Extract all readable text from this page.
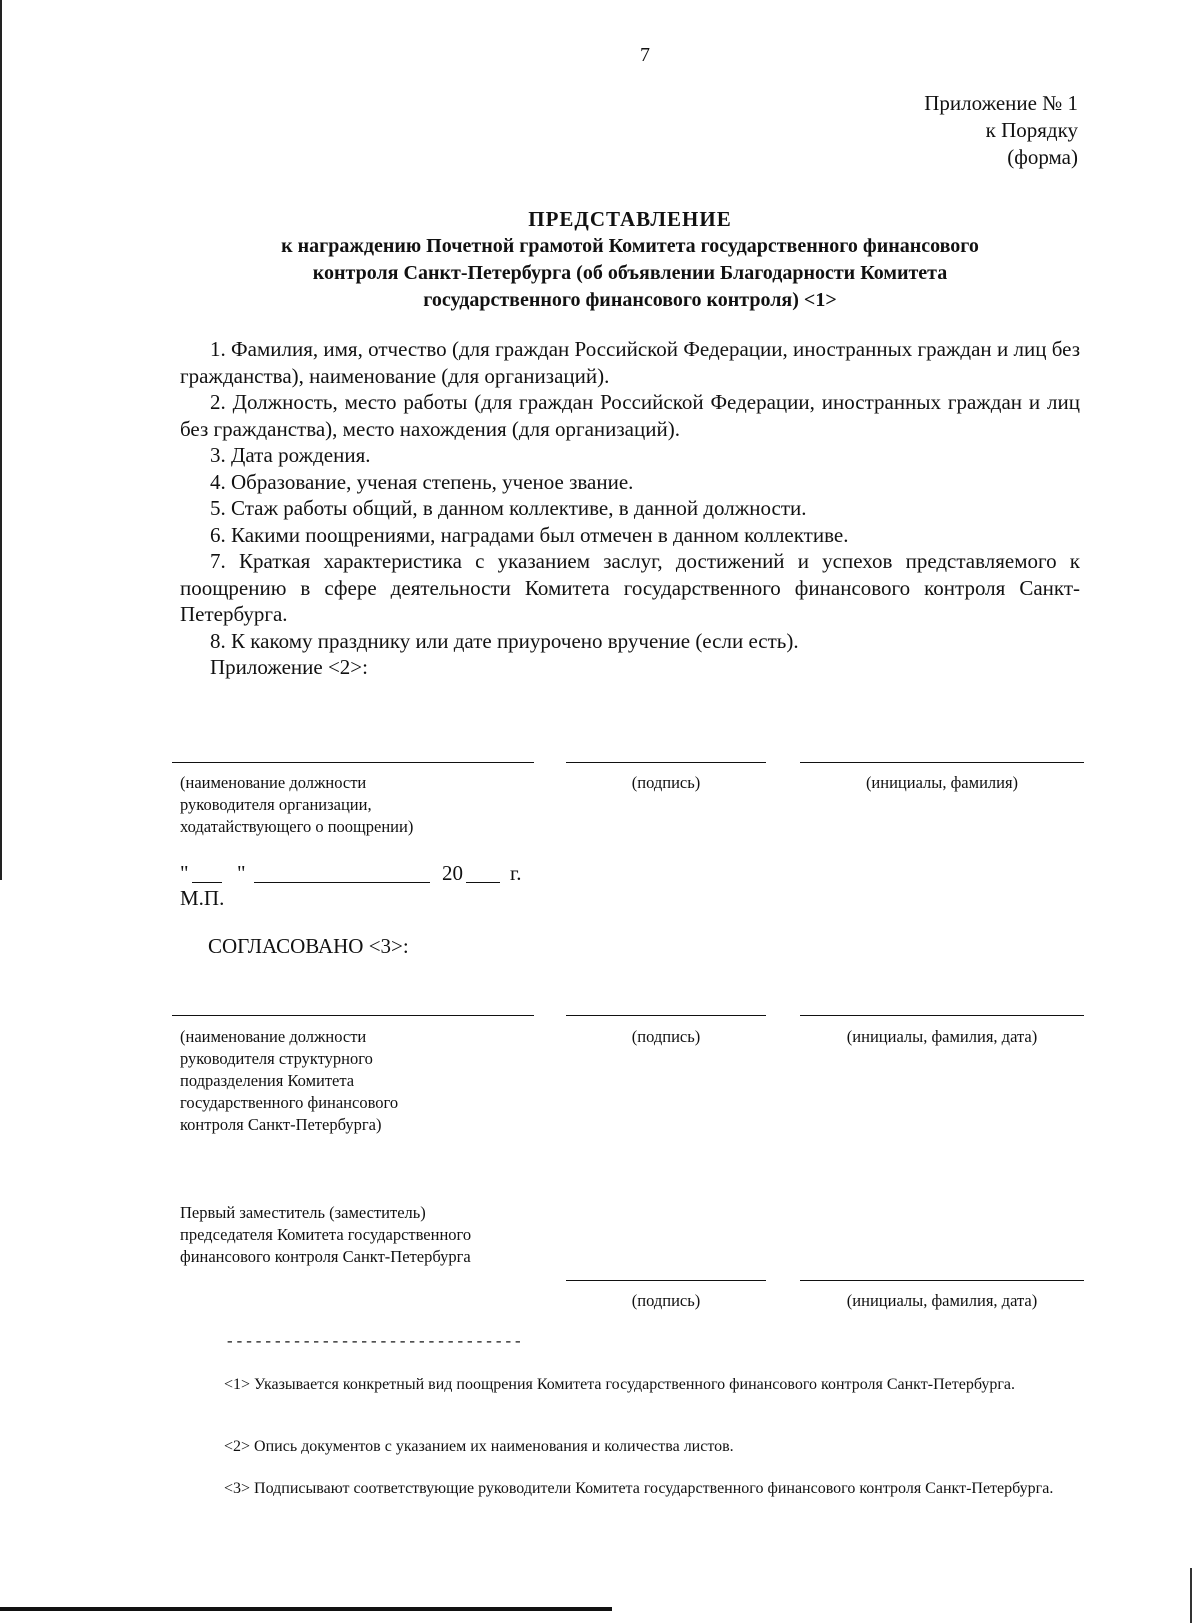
7
Приложение № 1
к Порядку
(форма)
ПРЕДСТАВЛЕНИЕ
к награждению Почетной грамотой Комитета государственного финансового
контроля Санкт-Петербурга (об объявлении Благодарности Комитета
государственного финансового контроля) <1>

1. Фамилия, имя, отчество (для граждан Российской Федерации, иностранных граждан и лиц без гражданства), наименование (для организаций).

2. Должность, место работы (для граждан Российской Федерации, иностранных граждан и лиц без гражданства), место нахождения (для организаций).

3. Дата рождения.

4. Образование, ученая степень, ученое звание.

5. Стаж работы общий, в данном коллективе, в данной должности.

6. Какими поощрениями, наградами был отмечен в данном коллективе.

7. Краткая характеристика с указанием заслуг, достижений и успехов представляемого к поощрению в сфере деятельности Комитета государственного финансового контроля Санкт-Петербурга.

8. К какому празднику или дате приурочено вручение (если есть).

Приложение <2>:

(наименование должности
руководителя организации,
ходатайствующего о поощрении)
(подпись)	(инициалы, фамилия)
" "	20 г.
М.П.
СОГЛАСОВАНО <3>:
(наименование должности
руководителя структурного
подразделения Комитета
государственного финансового
контроля Санкт-Петербурга)
(подпись)	(инициалы, фамилия, дата)
Первый заместитель (заместитель)
председателя Комитета государственного
финансового контроля Санкт-Петербурга
(подпись)	(инициалы, фамилия, дата)
-------------------------------

<1> Указывается конкретный вид поощрения Комитета государственного финансового контроля Санкт-Петербурга.

<2> Опись документов с указанием их наименования и количества листов.

<3> Подписывают соответствующие руководители Комитета государственного финансового контроля Санкт-Петербурга.
